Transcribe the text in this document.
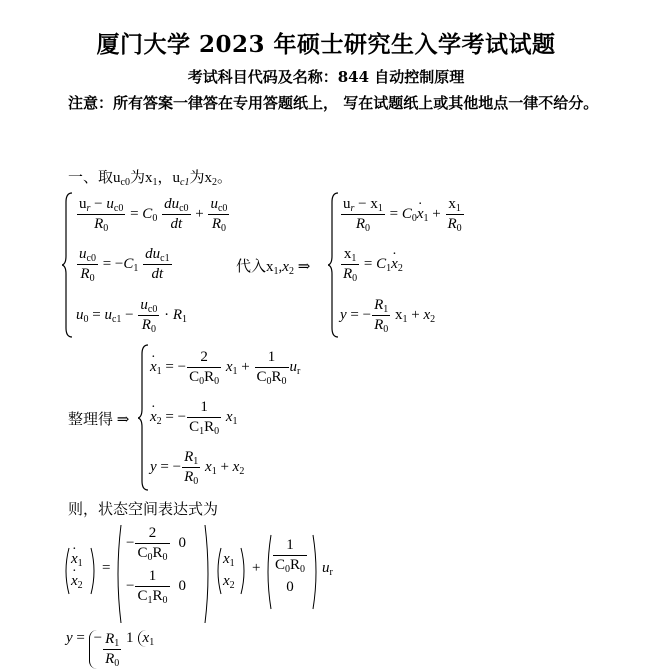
厦门大学 2023 年硕士研究生入学考试试题
考试科目代码及名称：844 自动控制原理
注意：所有答案一律答在专用答题纸上， 写在试题纸上或其他地点一律不给分。
一、取$u_{c0}$为$x_1$，$u_{c1}$为$x_2$。
$\frac{u_r - u_{c0}}{R_0} = C_0 \frac{du_{c0}}{dt} + \frac{u_{c0}}{R_0}$
$\frac{u_{c0}}{R_0} = -C_1 \frac{du_{c1}}{dt}$
$u_0 = u_{c1} - \frac{u_{c0}}{R_0} \cdot R_1$
代入$x_1,x_2$ ⇒
$\frac{u_r - x_1}{R_0} = C_0\cdot x_1 + \frac{x_1}{R_0}$
$\frac{x_1}{R_0} = C_1\cdot x_2$
y = − $\frac{R_1}{R_0} x_1 + x_2$
整理得 ⇒
· $x_1$ = − $\frac{2}{C_0R_0} x_1 + \frac{1}{C_0R_0} u_r$
· $x_2$ = − $\frac{1}{C_1R_0} x_1$
y = − $\frac{R_1}{R_0} x_1 + x_2$
则，状态空间表达式为
· $x_1$
· $x_2$
=
− $\frac{2}{C_0R_0}$	0
− $\frac{1}{C_1R_0}$	0
$x_1$
$x_2$
+ $\frac{1}{C_0R_0}$
0
$u_r$
y = − $\frac{R_1}{R_0} 1$ $x_1$
